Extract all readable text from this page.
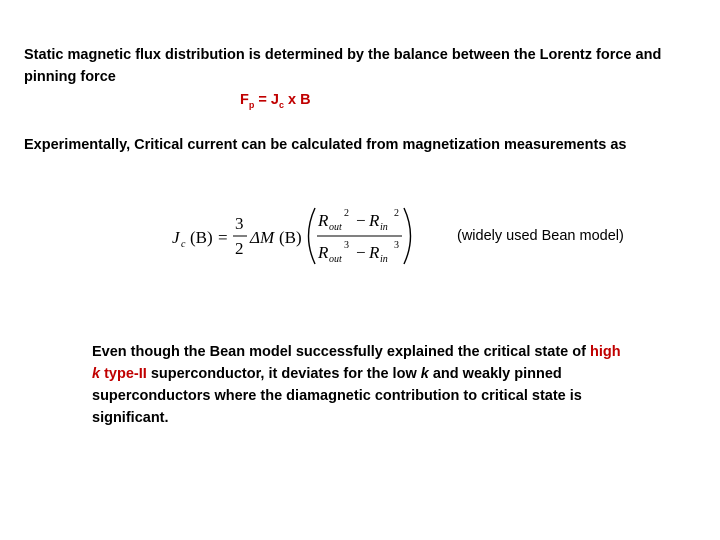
Static magnetic flux distribution is determined by the balance between the Lorentz force and pinning force
$F_p = J_c$ x B
Experimentally, Critical current can be calculated from magnetization measurements as
J c (B) =
3
2
ΔM (B)
R out
2 − R in
2
R out
3 − R in
3
(widely used Bean model)
Even though the Bean model successfully explained the critical state of high k type-II superconductor, it deviates for the low k and weakly pinned superconductors where the diamagnetic contribution to critical state is significant.
